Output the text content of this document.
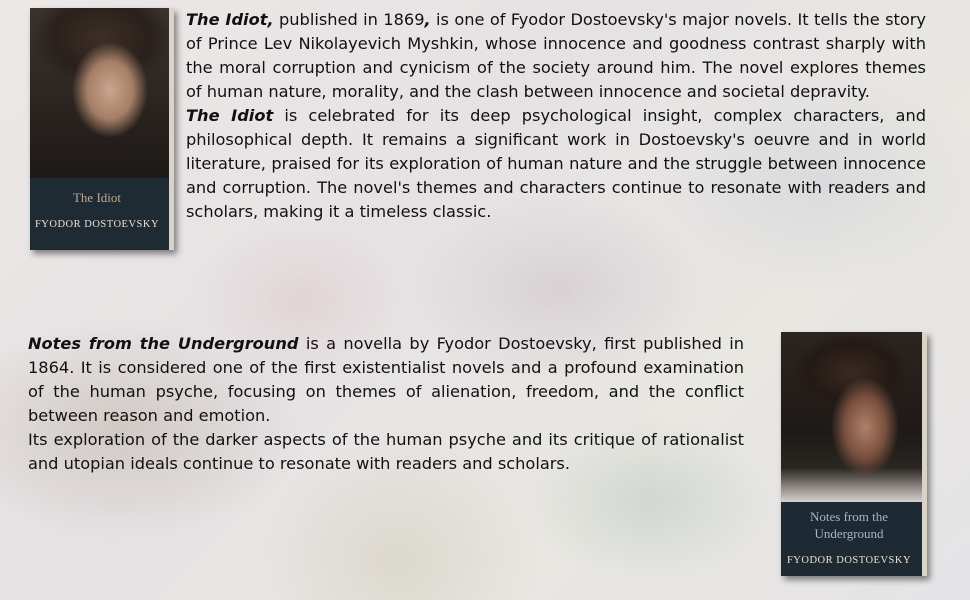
The Idiot
FYODOR DOSTOEVSKY

The Idiot, published in 1869, is one of Fyodor Dostoevsky's major novels. It tells the story of Prince Lev Nikolayevich Myshkin, whose innocence and goodness contrast sharply with the moral corruption and cynicism of the society around him. The novel explores themes of human nature, morality, and the clash between innocence and societal depravity.

The Idiot is celebrated for its deep psychological insight, complex characters, and philosophical depth. It remains a significant work in Dostoevsky's oeuvre and in world literature, praised for its exploration of human nature and the struggle between innocence and corruption. The novel's themes and characters continue to resonate with readers and scholars, making it a timeless classic.

Notes from the Underground is a novella by Fyodor Dostoevsky, first published in 1864. It is considered one of the first existentialist novels and a profound examination of the human psyche, focusing on themes of alienation, freedom, and the conflict between reason and emotion.

Its exploration of the darker aspects of the human psyche and its critique of rationalist and utopian ideals continue to resonate with readers and scholars.

Notes from the
Underground
FYODOR DOSTOEVSKY
